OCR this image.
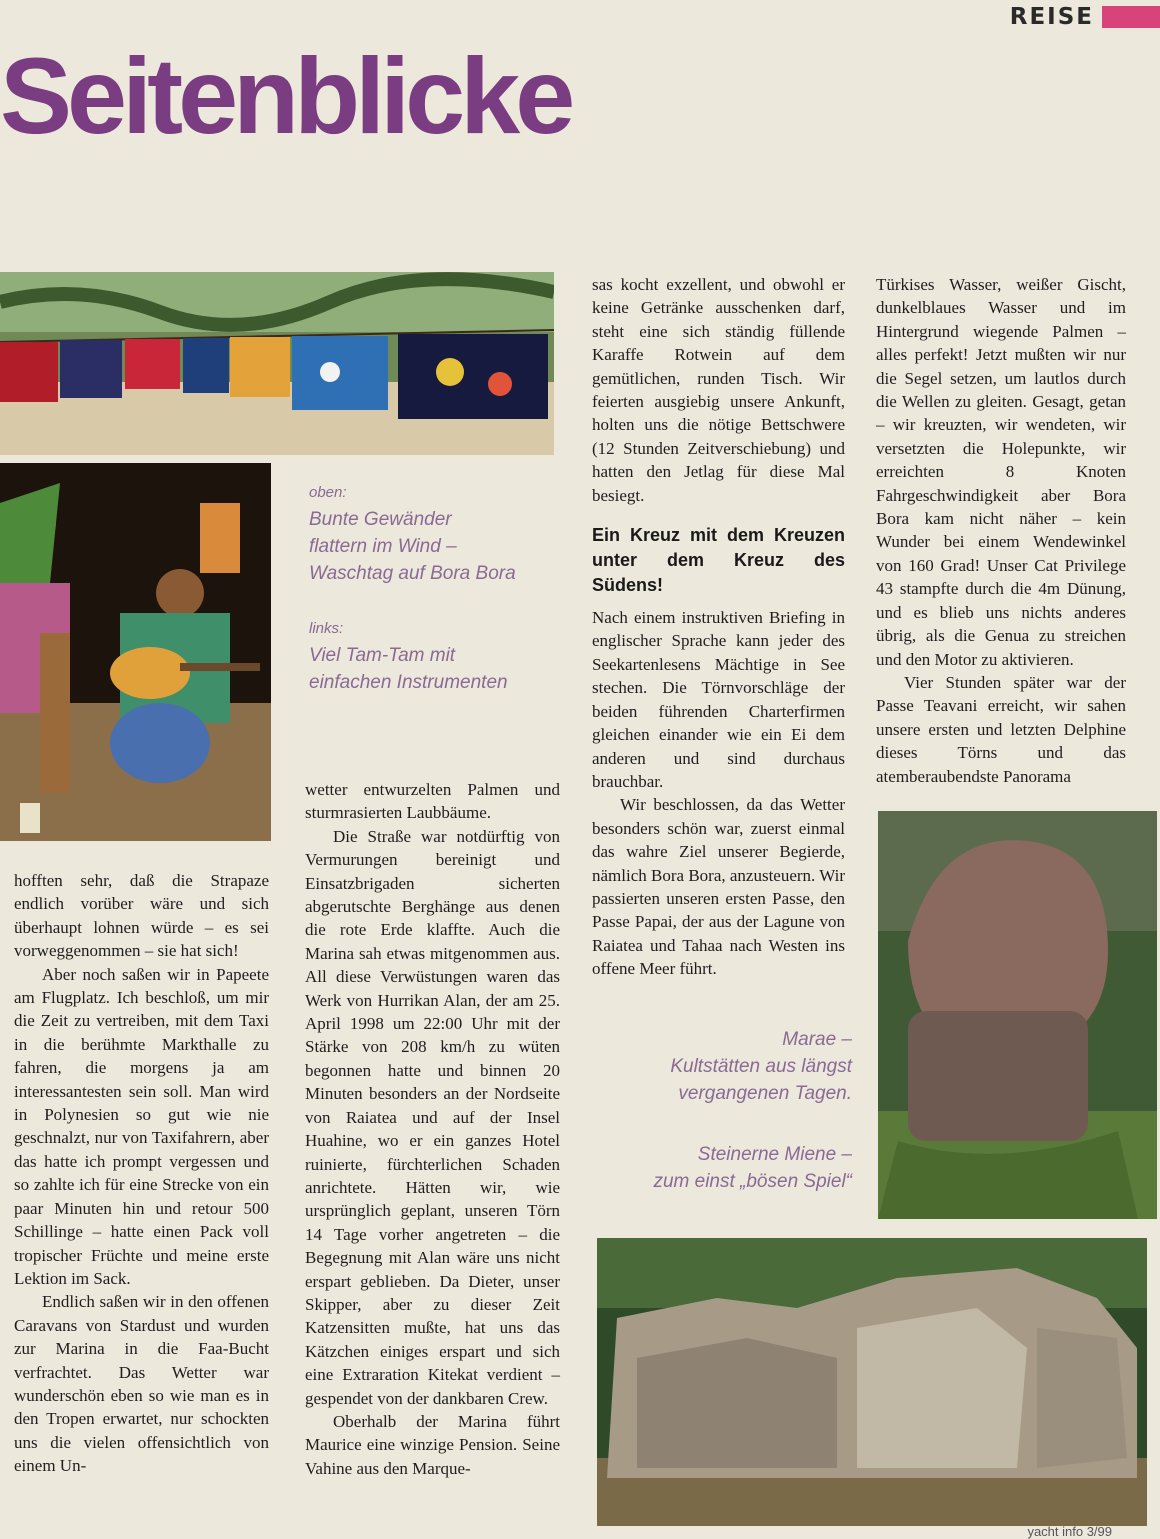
REISE
Seitenblicke
oben:
Bunte Gewänder
flattern im Wind –
Waschtag auf Bora Bora
links:
Viel Tam-Tam mit
einfachen Instrumenten
Marae –
Kultstätten aus längst
vergangenen Tagen.
Steinerne Miene –
zum einst „bösen Spiel“

hofften sehr, daß die Strapaze endlich vorüber wäre und sich überhaupt lohnen würde – es sei vorweggenommen – sie hat sich!

Aber noch saßen wir in Papeete am Flugplatz. Ich beschloß, um mir die Zeit zu vertreiben, mit dem Taxi in die berühmte Markthalle zu fahren, die morgens ja am interessantesten sein soll. Man wird in Polynesien so gut wie nie geschnalzt, nur von Taxifahrern, aber das hatte ich prompt vergessen und so zahlte ich für eine Strecke von ein paar Minuten hin und retour 500 Schillinge – hatte einen Pack voll tropischer Früchte und meine erste Lektion im Sack.

Endlich saßen wir in den offenen Caravans von Stardust und wurden zur Marina in die Faa-Bucht verfrachtet. Das Wetter war wunderschön eben so wie man es in den Tropen erwartet, nur schockten uns die vielen offensichtlich von einem Un-

wetter entwurzelten Palmen und sturmrasierten Laubbäume.

Die Straße war notdürftig von Vermurungen bereinigt und Einsatzbrigaden sicherten abgerutschte Berghänge aus denen die rote Erde klaffte. Auch die Marina sah etwas mitgenommen aus. All diese Verwüstungen waren das Werk von Hurrikan Alan, der am 25. April 1998 um 22:00 Uhr mit der Stärke von 208 km/h zu wüten begonnen hatte und binnen 20 Minuten besonders an der Nordseite von Raiatea und auf der Insel Huahine, wo er ein ganzes Hotel ruinierte, fürchterlichen Schaden anrichtete. Hätten wir, wie ursprünglich geplant, unseren Törn 14 Tage vorher angetreten – die Begegnung mit Alan wäre uns nicht erspart geblieben. Da Dieter, unser Skipper, aber zu dieser Zeit Katzensitten mußte, hat uns das Kätzchen einiges erspart und sich eine Extraration Kitekat verdient – gespendet von der dankbaren Crew.

Oberhalb der Marina führt Maurice eine winzige Pension. Seine Vahine aus den Marque-

sas kocht exzellent, und obwohl er keine Getränke ausschenken darf, steht eine sich ständig füllende Karaffe Rotwein auf dem gemütlichen, runden Tisch. Wir feierten ausgiebig unsere Ankunft, holten uns die nötige Bettschwere (12 Stunden Zeitverschiebung) und hatten den Jetlag für diese Mal besiegt.

Ein Kreuz mit dem Kreuzen unter dem Kreuz des Südens!

Nach einem instruktiven Briefing in englischer Sprache kann jeder des Seekartenlesens Mächtige in See stechen. Die Törnvorschläge der beiden führenden Charterfirmen gleichen einander wie ein Ei dem anderen und sind durchaus brauchbar.

Wir beschlossen, da das Wetter besonders schön war, zuerst einmal das wahre Ziel unserer Begierde, nämlich Bora Bora, anzusteuern. Wir passierten unseren ersten Passe, den Passe Papai, der aus der Lagune von Raiatea und Tahaa nach Westen ins offene Meer führt.

Türkises Wasser, weißer Gischt, dunkelblaues Wasser und im Hintergrund wiegende Palmen – alles perfekt! Jetzt mußten wir nur die Segel setzen, um lautlos durch die Wellen zu gleiten. Gesagt, getan – wir kreuzten, wir wendeten, wir versetzten die Holepunkte, wir erreichten 8 Knoten Fahrgeschwindigkeit aber Bora Bora kam nicht näher – kein Wunder bei einem Wendewinkel von 160 Grad! Unser Cat Privilege 43 stampfte durch die 4m Dünung, und es blieb uns nichts anderes übrig, als die Genua zu streichen und den Motor zu aktivieren.

Vier Stunden später war der Passe Teavani erreicht, wir sahen unsere ersten und letzten Delphine dieses Törns und das atemberaubendste Panorama

yacht info 3/99
